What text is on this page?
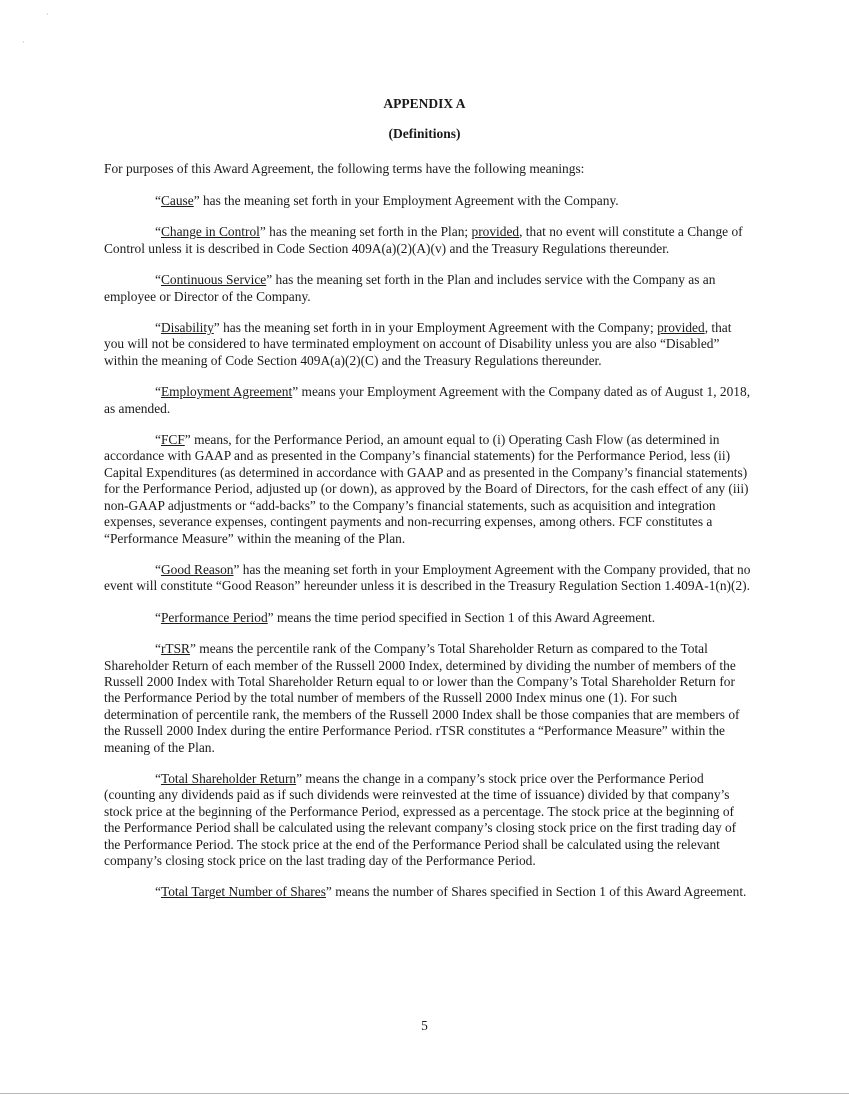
·
·
APPENDIX A
(Definitions)

For purposes of this Award Agreement, the following terms have the following meanings:

“Cause” has the meaning set forth in your Employment Agreement with the Company.

“Change in Control” has the meaning set forth in the Plan; provided, that no event will constitute a Change of Control unless it is described in Code Section 409A(a)(2)(A)(v) and the Treasury Regulations thereunder.

“Continuous Service” has the meaning set forth in the Plan and includes service with the Company as an employee or Director of the Company.

“Disability” has the meaning set forth in in your Employment Agreement with the Company; provided, that you will not be considered to have terminated employment on account of Disability unless you are also “Disabled” within the meaning of Code Section 409A(a)(2)(C) and the Treasury Regulations thereunder.

“Employment Agreement” means your Employment Agreement with the Company dated as of August 1, 2018, as amended.

“FCF” means, for the Performance Period, an amount equal to (i) Operating Cash Flow (as determined in accordance with GAAP and as presented in the Company’s financial statements) for the Performance Period, less (ii) Capital Expenditures (as determined in accordance with GAAP and as presented in the Company’s financial statements) for the Performance Period, adjusted up (or down), as approved by the Board of Directors, for the cash effect of any (iii) non-GAAP adjustments or “add-backs” to the Company’s financial statements, such as acquisition and integration expenses, severance expenses, contingent payments and non-recurring expenses, among others. FCF constitutes a “Performance Measure” within the meaning of the Plan.

“Good Reason” has the meaning set forth in your Employment Agreement with the Company provided, that no event will constitute “Good Reason” hereunder unless it is described in the Treasury Regulation Section 1.409A-1(n)(2).

“Performance Period” means the time period specified in Section 1 of this Award Agreement.

“rTSR” means the percentile rank of the Company’s Total Shareholder Return as compared to the Total Shareholder Return of each member of the Russell 2000 Index, determined by dividing the number of members of the Russell 2000 Index with Total Shareholder Return equal to or lower than the Company’s Total Shareholder Return for the Performance Period by the total number of members of the Russell 2000 Index minus one (1). For such determination of percentile rank, the members of the Russell 2000 Index shall be those companies that are members of the Russell 2000 Index during the entire Performance Period. rTSR constitutes a “Performance Measure” within the meaning of the Plan.

“Total Shareholder Return” means the change in a company’s stock price over the Performance Period (counting any dividends paid as if such dividends were reinvested at the time of issuance) divided by that company’s stock price at the beginning of the Performance Period, expressed as a percentage. The stock price at the beginning of the Performance Period shall be calculated using the relevant company’s closing stock price on the first trading day of the Performance Period. The stock price at the end of the Performance Period shall be calculated using the relevant company’s closing stock price on the last trading day of the Performance Period.

“Total Target Number of Shares” means the number of Shares specified in Section 1 of this Award Agreement.

5
